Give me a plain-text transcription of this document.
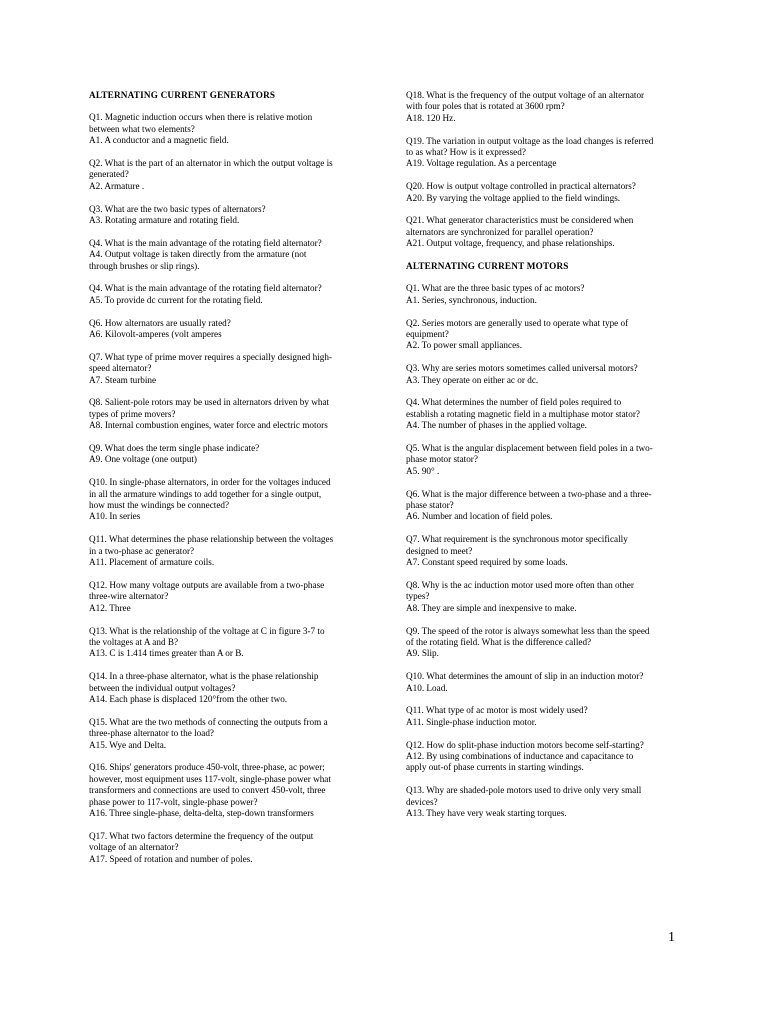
ALTERNATING CURRENT GENERATORS

Q1. Magnetic induction occurs when there is relative motion
between what two elements?

A1. A conductor and a magnetic field.

Q2. What is the part of an alternator in which the output voltage is
generated?

A2. Armature .

Q3. What are the two basic types of alternators?

A3. Rotating armature and rotating field.

Q4. What is the main advantage of the rotating field alternator?

A4. Output voltage is taken directly from the armature (not
through brushes or slip rings).

Q4. What is the main advantage of the rotating field alternator?

A5. To provide dc current for the rotating field.

Q6. How alternators are usually rated?

A6. Kilovolt-amperes (volt amperes

Q7. What type of prime mover requires a specially designed high-
speed alternator?

A7. Steam turbine

Q8. Salient-pole rotors may be used in alternators driven by what
types of prime movers?

A8. Internal combustion engines, water force and electric motors

Q9. What does the term single phase indicate?

A9. One voltage (one output)

Q10. In single-phase alternators, in order for the voltages induced
in all the armature windings to add together for a single output,
how must the windings be connected?

A10. In series

Q11. What determines the phase relationship between the voltages
in a two-phase ac generator?

A11. Placement of armature coils.

Q12. How many voltage outputs are available from a two-phase
three-wire alternator?

A12. Three

Q13. What is the relationship of the voltage at C in figure 3-7 to
the voltages at A and B?

A13. C is 1.414 times greater than A or B.

Q14. In a three-phase alternator, what is the phase relationship
between the individual output voltages?

A14. Each phase is displaced 120°from the other two.

Q15. What are the two methods of connecting the outputs from a
three-phase alternator to the load?

A15. Wye and Delta.

Q16. Ships' generators produce 450-volt, three-phase, ac power;
however, most equipment uses 117-volt, single-phase power what
transformers and connections are used to convert 450-volt, three
phase power to 117-volt, single-phase power?

A16. Three single-phase, delta-delta, step-down transformers

Q17. What two factors determine the frequency of the output
voltage of an alternator?

A17. Speed of rotation and number of poles.

Q18. What is the frequency of the output voltage of an alternator
with four poles that is rotated at 3600 rpm?

A18. 120 Hz.

Q19. The variation in output voltage as the load changes is referred
to as what? How is it expressed?

A19. Voltage regulation. As a percentage

Q20. How is output voltage controlled in practical alternators?

A20. By varying the voltage applied to the field windings.

Q21. What generator characteristics must be considered when
alternators are synchronized for parallel operation?

A21. Output voltage, frequency, and phase relationships.

ALTERNATING CURRENT MOTORS

Q1. What are the three basic types of ac motors?

A1. Series, synchronous, induction.

Q2. Series motors are generally used to operate what type of
equipment?

A2. To power small appliances.

Q3. Why are series motors sometimes called universal motors?

A3. They operate on either ac or dc.

Q4. What determines the number of field poles required to
establish a rotating magnetic field in a multiphase motor stator?

A4. The number of phases in the applied voltage.

Q5. What is the angular displacement between field poles in a two-
phase motor stator?

A5. 90° .

Q6. What is the major difference between a two-phase and a three-
phase stator?

A6. Number and location of field poles.

Q7. What requirement is the synchronous motor specifically
designed to meet?

A7. Constant speed required by some loads.

Q8. Why is the ac induction motor used more often than other
types?

A8. They are simple and inexpensive to make.

Q9. The speed of the rotor is always somewhat less than the speed
of the rotating field. What is the difference called?

A9. Slip.

Q10. What determines the amount of slip in an induction motor?

A10. Load.

Q11. What type of ac motor is most widely used?

A11. Single-phase induction motor.

Q12. How do split-phase induction motors become self-starting?

A12. By using combinations of inductance and capacitance to
apply out-of phase currents in starting windings.

Q13. Why are shaded-pole motors used to drive only very small
devices?

A13. They have very weak starting torques.

1
